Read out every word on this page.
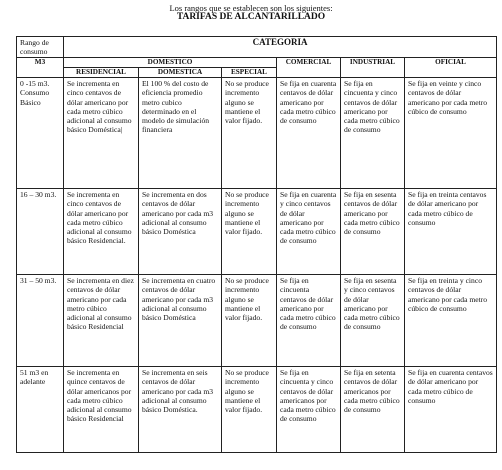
Los rangos que se establecen son los siguientes:
TARIFAS DE ALCANTARILLADO
Rango de consumo	CATEGORIA					
M3	DOMESTICO			COMERCIAL	INDUSTRIAL	OFICIAL
	RESIDENCIAL	DOMESTICA	ESPECIAL			
0 -15 m3. Consumo Básico	Se incrementa en cinco centavos de dólar americano por cada metro cúbico adicional al consumo básico Doméstica|	El 100 % del costo de eficiencia promedio metro cubico determinado en el modelo de simulación financiera	No se produce incremento alguno se mantiene el valor fijado.	Se fija en cuarenta centavos de dólar americano por cada metro cúbico de consumo	Se fija en cincuenta y cinco centavos de dólar americano por cada metro cúbico de consumo	Se fija en veinte y cinco centavos de dólar americano por cada metro cúbico de consumo
16 – 30 m3.	Se incrementa en cinco centavos de dólar americano por cada metro cúbico adicional al consumo básico Residencial.	Se incrementa en dos centavos de dólar americano por cada m3 adicional al consumo básico Doméstica	No se produce incremento alguno se mantiene el valor fijado.	Se fija en cuarenta y cinco centavos de dólar americano por cada metro cúbico de consumo	Se fija en sesenta centavos de dólar americano por cada metro cúbico de consumo	Se fija en treinta centavos de dólar americano por cada metro cúbico de consumo
31 – 50 m3.	Se incrementa en diez centavos de dólar americano por cada metro cúbico adicional al consumo básico Residencial	Se incrementa en cuatro centavos de dólar americano por cada m3 adicional al consumo básico Doméstica	No se produce incremento alguno se mantiene el valor fijado.	Se fija en cincuenta centavos de dólar americano por cada metro cúbico de consumo	Se fija en sesenta y cinco centavos de dólar americano por cada metro cúbico de consumo	Se fija en treinta y cinco centavos de dólar americano por cada metro cúbico de consumo
51 m3 en adelante	Se incrementa en quince centavos de dólar americanos por cada metro cúbico adicional al consumo básico Residencial	Se incrementa en seis centavos de dólar americano por cada m3 adicional al consumo básico Doméstica.	No se produce incremento alguno se mantiene el valor fijado.	Se fija en cincuenta y cinco centavos de dólar americanos por cada metro cúbico de consumo	Se fija en setenta centavos de dólar americanos por cada metro cúbico de consumo	Se fija en cuarenta centavos de dólar americano por cada metro cúbico de consumo
